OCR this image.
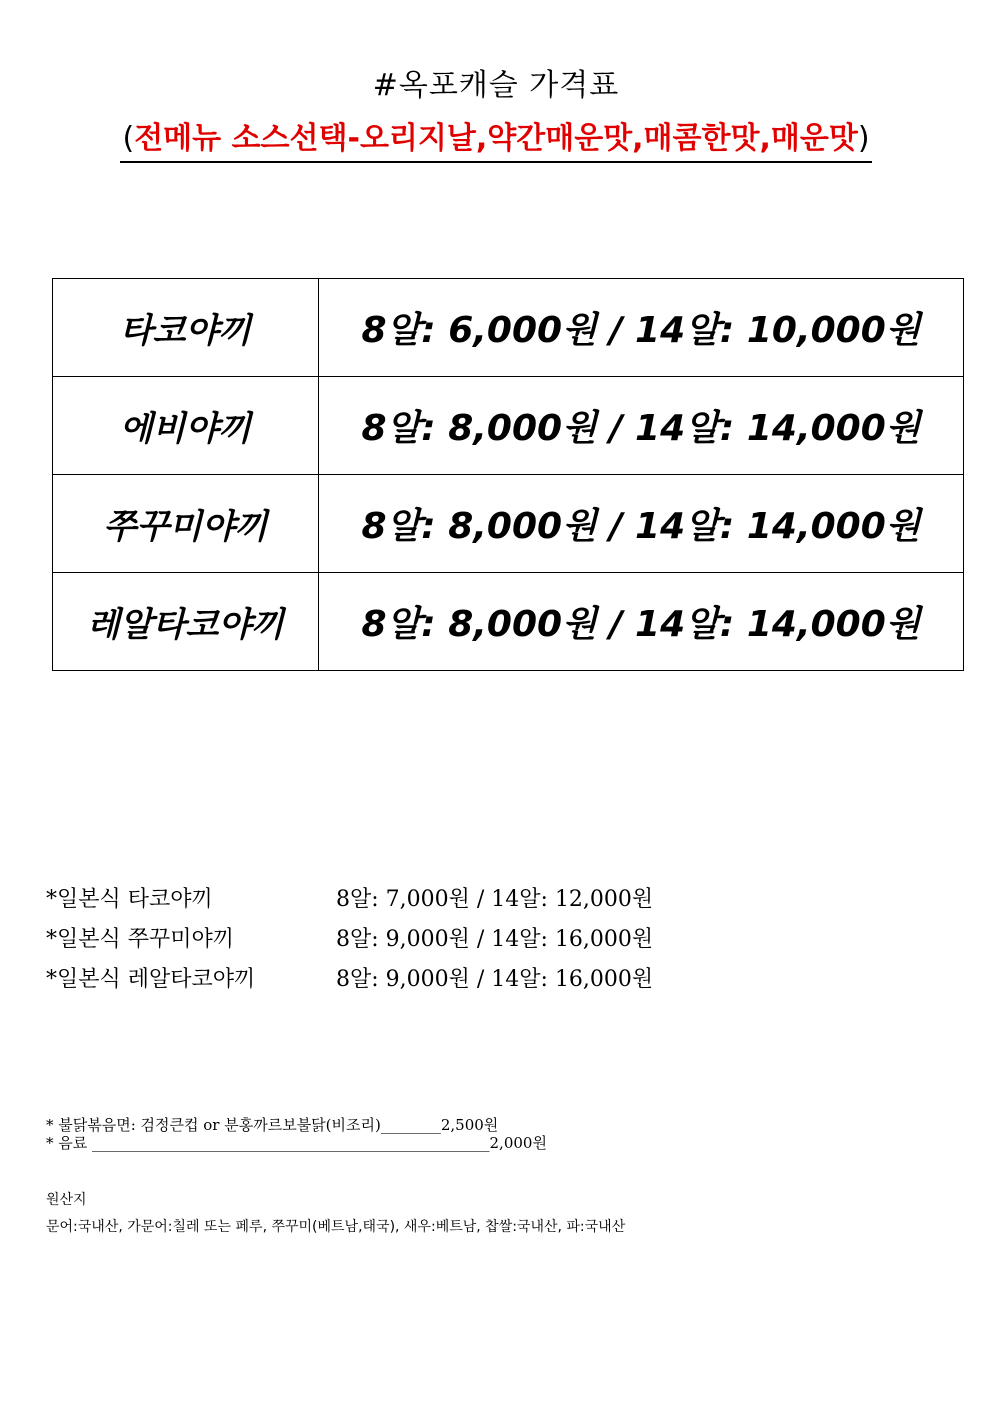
#옥포캐슬 가격표
(전메뉴 소스선택-오리지날,약간매운맛,매콤한맛,매운맛)
타코야끼	8알: 6,000원 / 14알: 10,000원
에비야끼	8알: 8,000원 / 14알: 14,000원
쭈꾸미야끼	8알: 8,000원 / 14알: 14,000원
레알타코야끼	8알: 8,000원 / 14알: 14,000원
*일본식 타코야끼	8알: 7,000원 / 14알: 12,000원
*일본식 쭈꾸미야끼	8알: 9,000원 / 14알: 16,000원
*일본식 레알타코야끼	8알: 9,000원 / 14알: 16,000원
* 불닭볶음면: 검정큰컵 or 분홍까르보불닭(비조리)________2,500원
* 음료 _____________________________________________________2,000원
원산지
문어:국내산, 가문어:칠레 또는 페루, 쭈꾸미(베트남,태국), 새우:베트남, 찹쌀:국내산, 파:국내산
